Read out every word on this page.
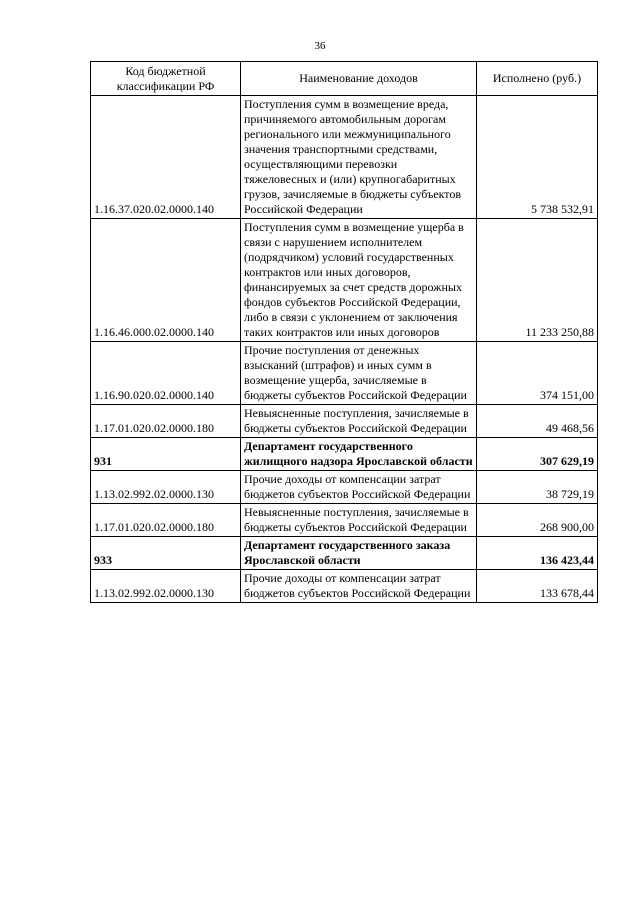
36
Код бюджетной классификации РФ	Наименование доходов	Исполнено (руб.)
1.16.37.020.02.0000.140	Поступления сумм в возмещение вреда, причиняемого автомобильным дорогам регионального или межмуниципального значения транспортными средствами, осуществляющими перевозки тяжеловесных и (или) крупногабаритных грузов, зачисляемые в бюджеты субъектов Российской Федерации	5 738 532,91
1.16.46.000.02.0000.140	Поступления сумм в возмещение ущерба в связи с нарушением исполнителем (подрядчиком) условий государственных контрактов или иных договоров, финансируемых за счет средств дорожных фондов субъектов Российской Федерации, либо в связи с уклонением от заключения таких контрактов или иных договоров	11 233 250,88
1.16.90.020.02.0000.140	Прочие поступления от денежных взысканий (штрафов) и иных сумм в возмещение ущерба, зачисляемые в бюджеты субъектов Российской Федерации	374 151,00
1.17.01.020.02.0000.180	Невыясненные поступления, зачисляемые в бюджеты субъектов Российской Федерации	49 468,56
931	Департамент государственного жилищного надзора Ярославской области	307 629,19
1.13.02.992.02.0000.130	Прочие доходы от компенсации затрат бюджетов субъектов Российской Федерации	38 729,19
1.17.01.020.02.0000.180	Невыясненные поступления, зачисляемые в бюджеты субъектов Российской Федерации	268 900,00
933	Департамент государственного заказа Ярославской области	136 423,44
1.13.02.992.02.0000.130	Прочие доходы от компенсации затрат бюджетов субъектов Российской Федерации	133 678,44
